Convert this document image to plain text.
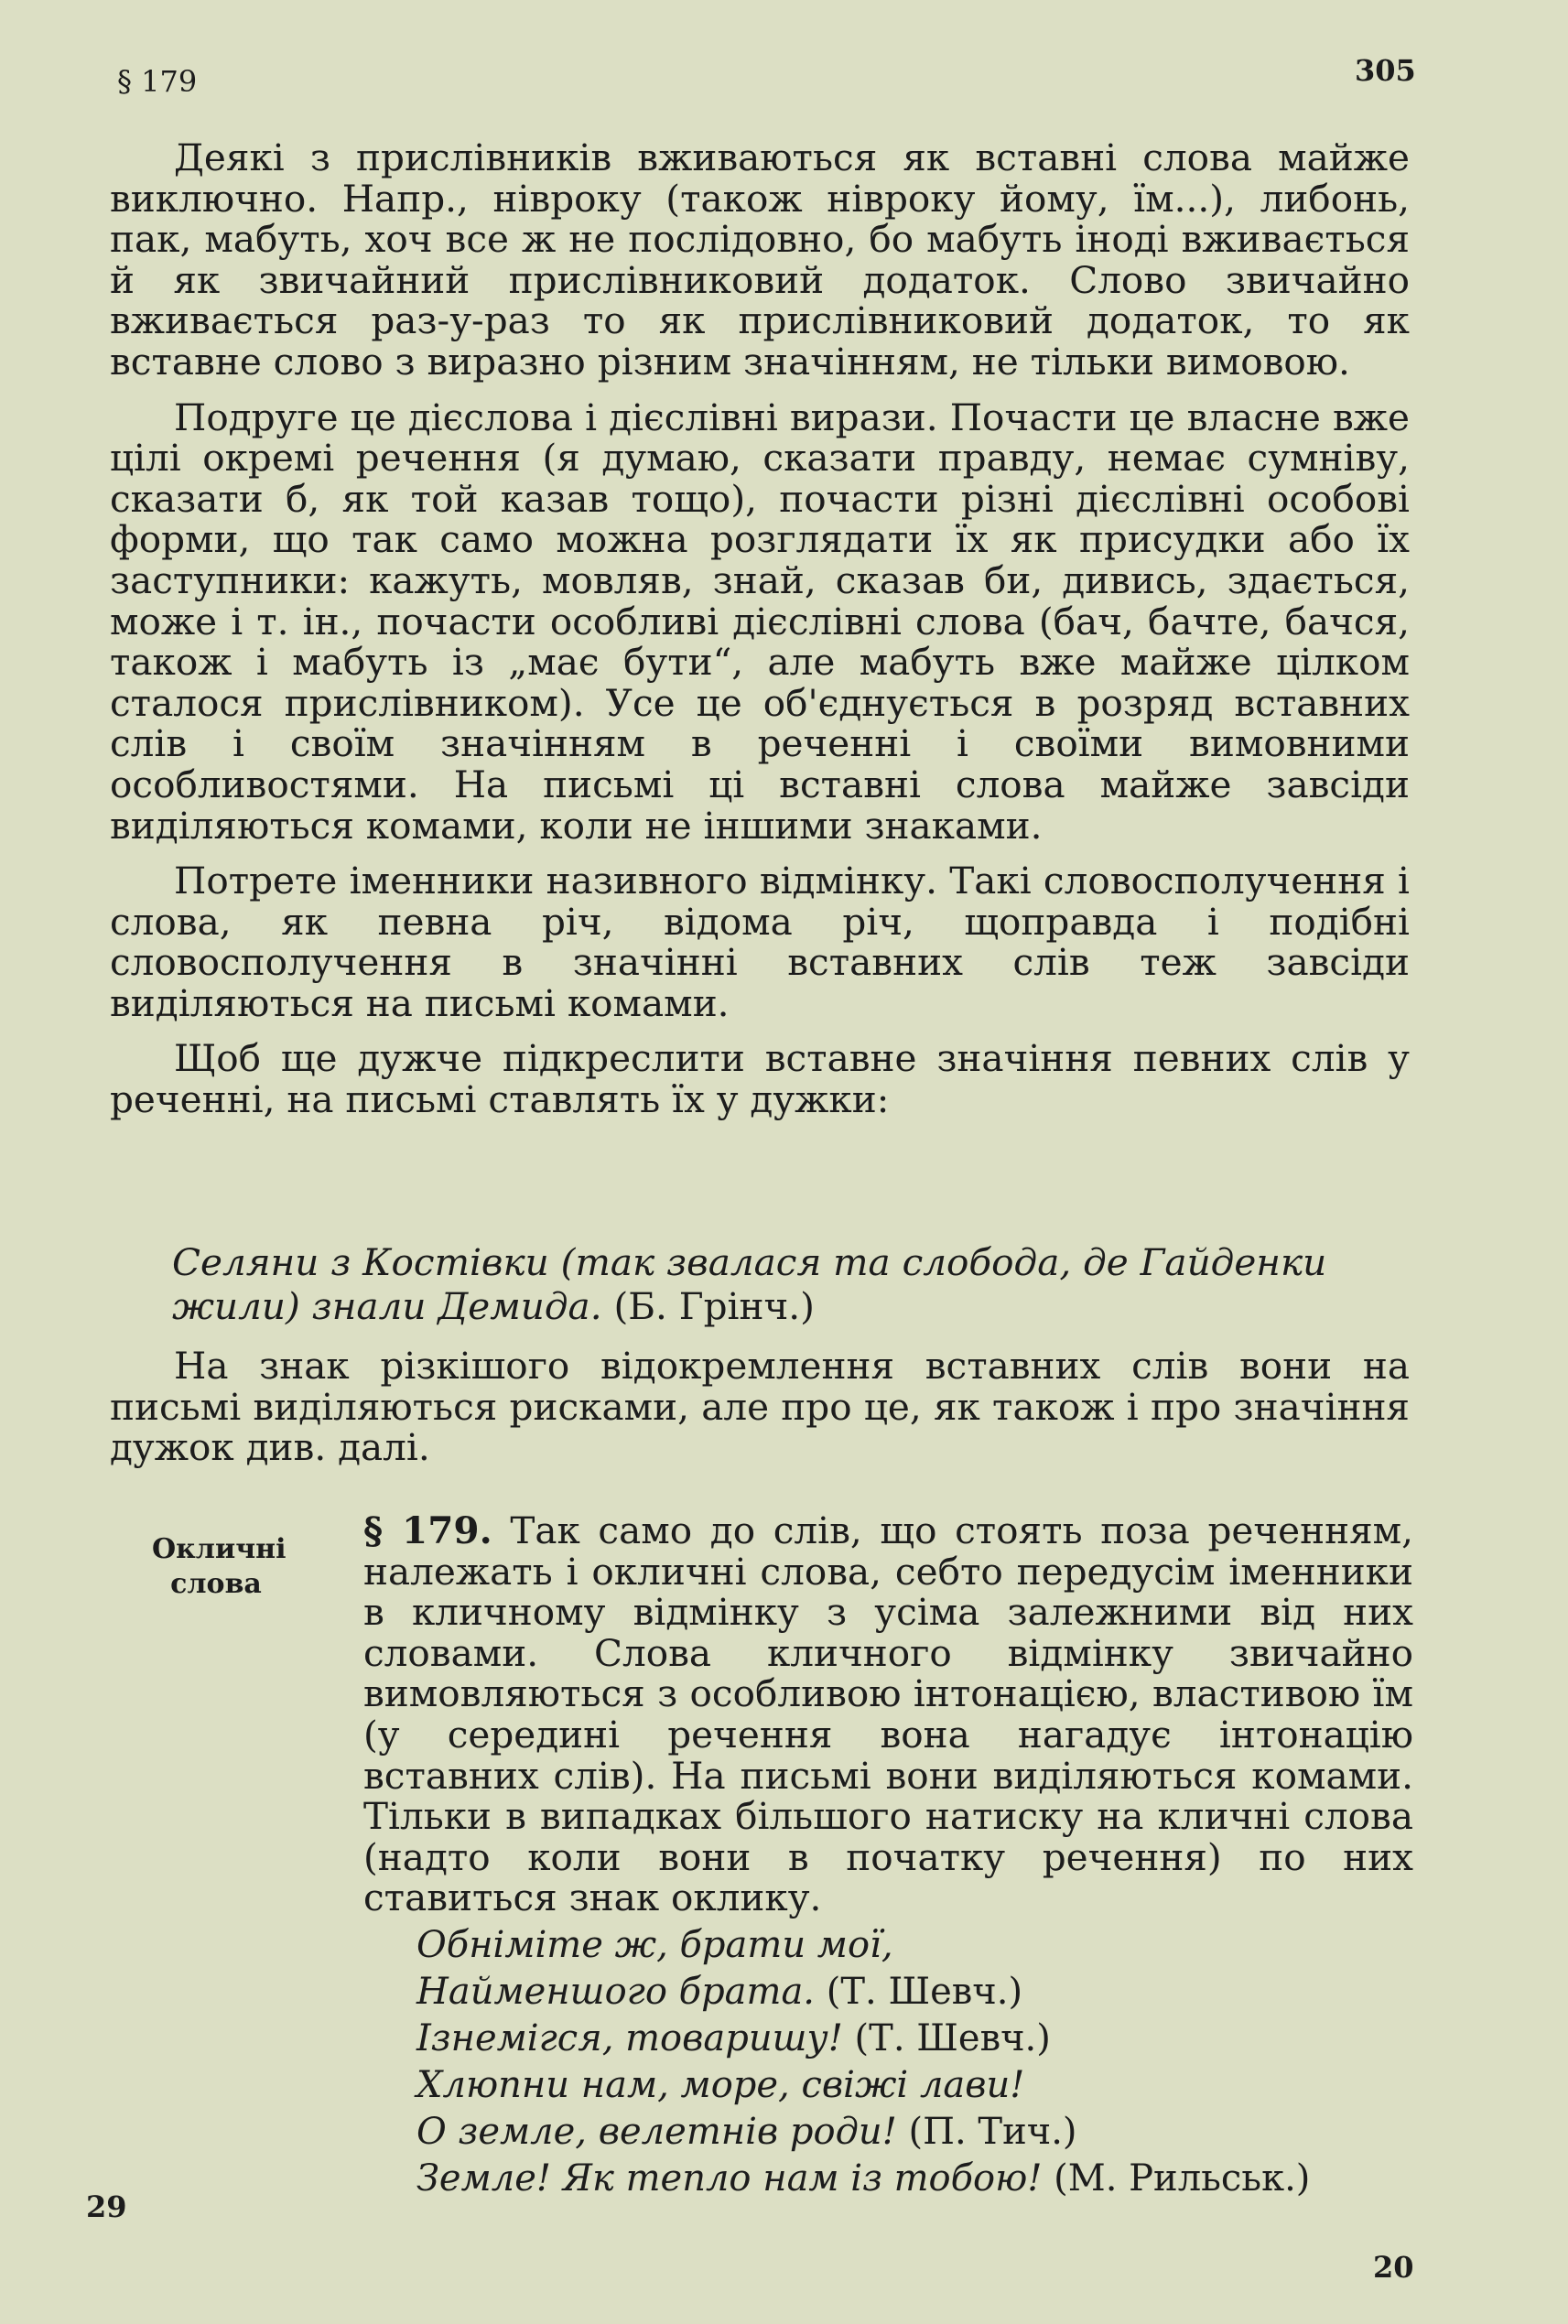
§ 179	305

Деякі з прислівників вживаються як вставні слова майже виключно. Напр., нівроку (також нівроку йому, їм...), либонь, пак, мабуть, хоч все ж не послідовно, бо мабуть іноді вживається й як звичайний прислівниковий додаток. Слово звичайно вживається раз-у-раз то як прислівниковий додаток, то як вставне слово з виразно різним значінням, не тільки вимовою.

Подруге це дієслова і дієслівні вирази. Почасти це власне вже цілі окремі речення (я думаю, сказати правду, немає сумніву, сказати б, як той казав тощо), почасти різні дієслівні особові форми, що так само можна розглядати їх як присудки або їх заступники: кажуть, мовляв, знай, сказав би, дивись, здається, може і т. ін., почасти особливі дієслівні слова (бач, бачте, бачся, також і мабуть із „має бути“, але мабуть вже майже цілком сталося прислівником). Усе це об'єднується в розряд вставних слів і своїм значінням в реченні і своїми вимовними особливостями. На письмі ці вставні слова майже завсіди виділяються комами, коли не іншими знаками.

Потрете іменники називного відмінку. Такі словосполучення і слова, як певна річ, відома річ, щоправда і подібні словосполучення в значінні вставних слів теж завсіди виділяються на письмі комами.

Щоб ще дужче підкреслити вставне значіння певних слів у реченні, на письмі ставлять їх у дужки:

Селяни з Костівки (так звалася та слобода, де Гайденки жили) знали Демида. (Б. Грінч.)

На знак різкішого відокремлення вставних слів вони на письмі виділяються рисками, але про це, як також і про значіння дужок див. далі.

Окличні
слова
§ 179. Так само до слів, що стоять поза реченням, належать і окличні слова, себто передусім іменники в кличному відмінку з усіма залежними від них словами. Слова кличного відмінку звичайно вимовляються з особливою інтонацією, властивою їм (у середині речення вона нагадує інтонацію вставних слів). На письмі вони виділяються комами. Тільки в випадках більшого натиску на кличні слова (надто коли вони в початку речення) по них ставиться знак оклику.
Обніміте ж, брати мої,
Найменшого брата. (Т. Шевч.)
Ізнемігся, товаришу! (Т. Шевч.)
Хлюпни нам, море, свіжі лави!
О земле, велетнів роди! (П. Тич.)
Земле! Як тепло нам із тобою! (М. Рильськ.)
29
20
